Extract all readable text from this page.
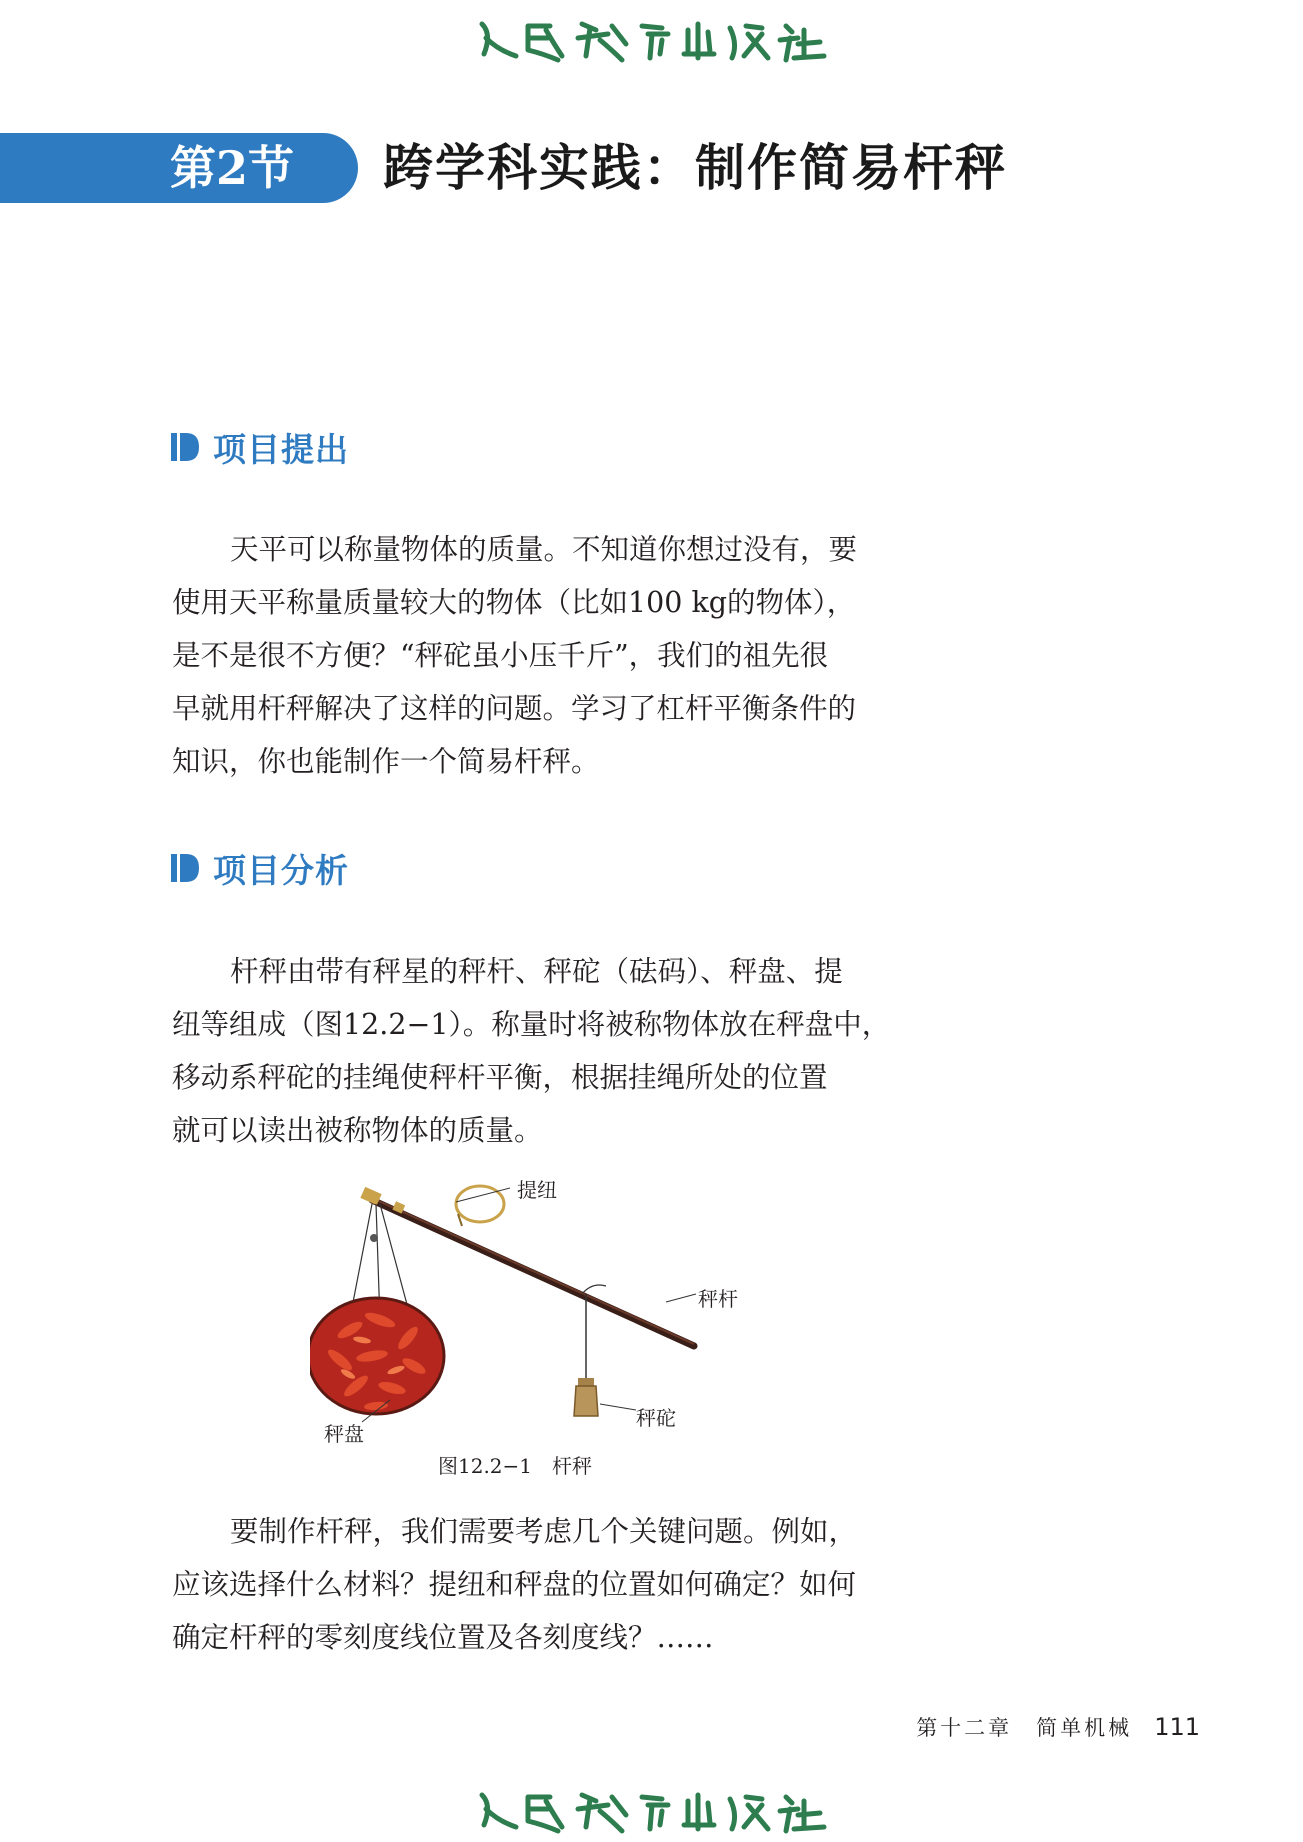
第2节 跨学科实践：制作简易杆秤
项目提出
天平可以称量物体的质量。不知道你想过没有，要
使用天平称量质量较大的物体（比如100 kg的物体），
是不是很不方便？“秤砣虽小压千斤”，我们的祖先很
早就用杆秤解决了这样的问题。学习了杠杆平衡条件的
知识，你也能制作一个简易杆秤。
项目分析
杆秤由带有秤星的秤杆、秤砣（砝码）、秤盘、提
纽等组成（图12.2−1）。称量时将被称物体放在秤盘中，
移动系秤砣的挂绳使秤杆平衡，根据挂绳所处的位置
就可以读出被称物体的质量。
提纽
秤杆
秤砣
秤盘
图12.2−1　杆秤
要制作杆秤，我们需要考虑几个关键问题。例如，
应该选择什么材料？提纽和秤盘的位置如何确定？如何
确定杆秤的零刻度线位置及各刻度线？……
第十二章　简单机械 111
